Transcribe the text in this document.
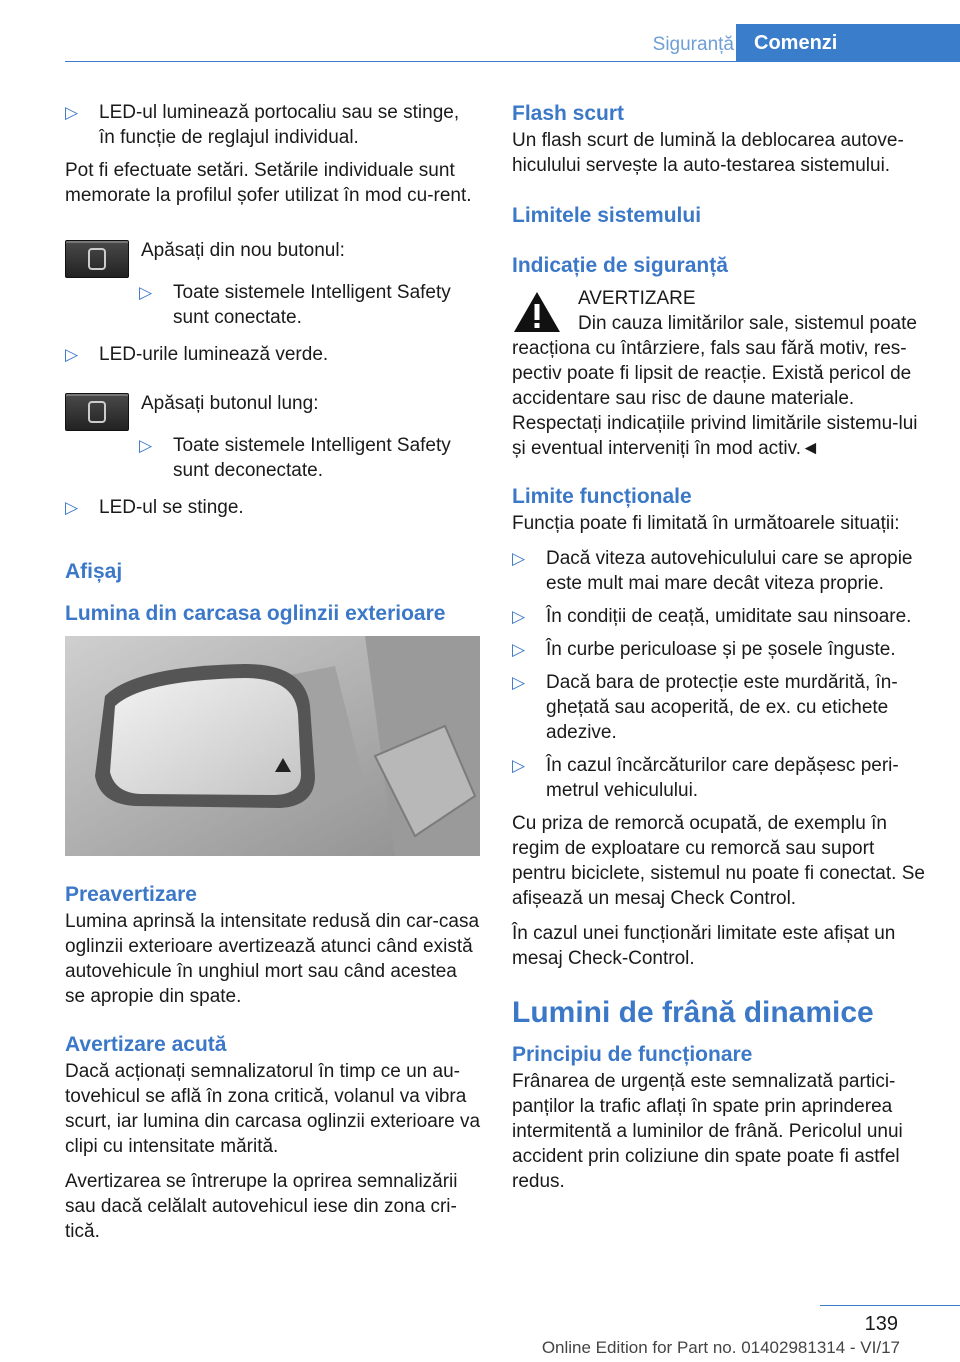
Siguranță	Comenzi
▷ LED-ul luminează portocaliu sau se stinge, în funcție de reglajul individual.

Pot fi efectuate setări. Setările individuale sunt memorate la profilul șofer utilizat în mod cu-rent.

Apăsați din nou butonul:
▷ Toate sistemele Intelligent Safety sunt conectate.
▷ LED-urile luminează verde.
Apăsați butonul lung:
▷ Toate sistemele Intelligent Safety sunt deconectate.
▷ LED-ul se stinge.
Afișaj
Lumina din carcasa oglinzii exterioare
Preavertizare

Lumina aprinsă la intensitate redusă din car-casa oglinzii exterioare avertizează atunci când există autovehicule în unghiul mort sau când acestea se apropie din spate.

Avertizare acută

Dacă acționați semnalizatorul în timp ce un au-tovehicul se află în zona critică, volanul va vibra scurt, iar lumina din carcasa oglinzii exterioare va clipi cu intensitate mărită.

Avertizarea se întrerupe la oprirea semnalizării sau dacă celălalt autovehicul iese din zona cri-tică.

Flash scurt

Un flash scurt de lumină la deblocarea autove-hiculului servește la auto-testarea sistemului.

Limitele sistemului
Indicație de siguranță
AVERTIZARE
Din cauza limitărilor sale, sistemul poate

reacționa cu întârziere, fals sau fără motiv, res-pectiv poate fi lipsit de reacție. Există pericol de accidentare sau risc de daune materiale. Respectați indicațiile privind limitările sistemu-lui și eventual interveniți în mod activ.◄

Limite funcționale

Funcția poate fi limitată în următoarele situații:

▷ Dacă viteza autovehiculului care se apropie este mult mai mare decât viteza proprie.
▷ În condiții de ceață, umiditate sau ninsoare.
▷ În curbe periculoase și pe șosele înguste.
▷ Dacă bara de protecție este murdărită, în-ghețată sau acoperită, de ex. cu etichete adezive.
▷ În cazul încărcăturilor care depășesc peri-metrul vehiculului.

Cu priza de remorcă ocupată, de exemplu în regim de exploatare cu remorcă sau suport pentru biciclete, sistemul nu poate fi conectat. Se afișează un mesaj Check Control.

În cazul unei funcționări limitate este afișat un mesaj Check-Control.

Lumini de frână dinamice
Principiu de funcționare

Frânarea de urgență este semnalizată partici-panților la trafic aflați în spate prin aprinderea intermitentă a luminilor de frână. Pericolul unui accident prin coliziune din spate poate fi astfel redus.

139
Online Edition for Part no. 01402981314 - VI/17
